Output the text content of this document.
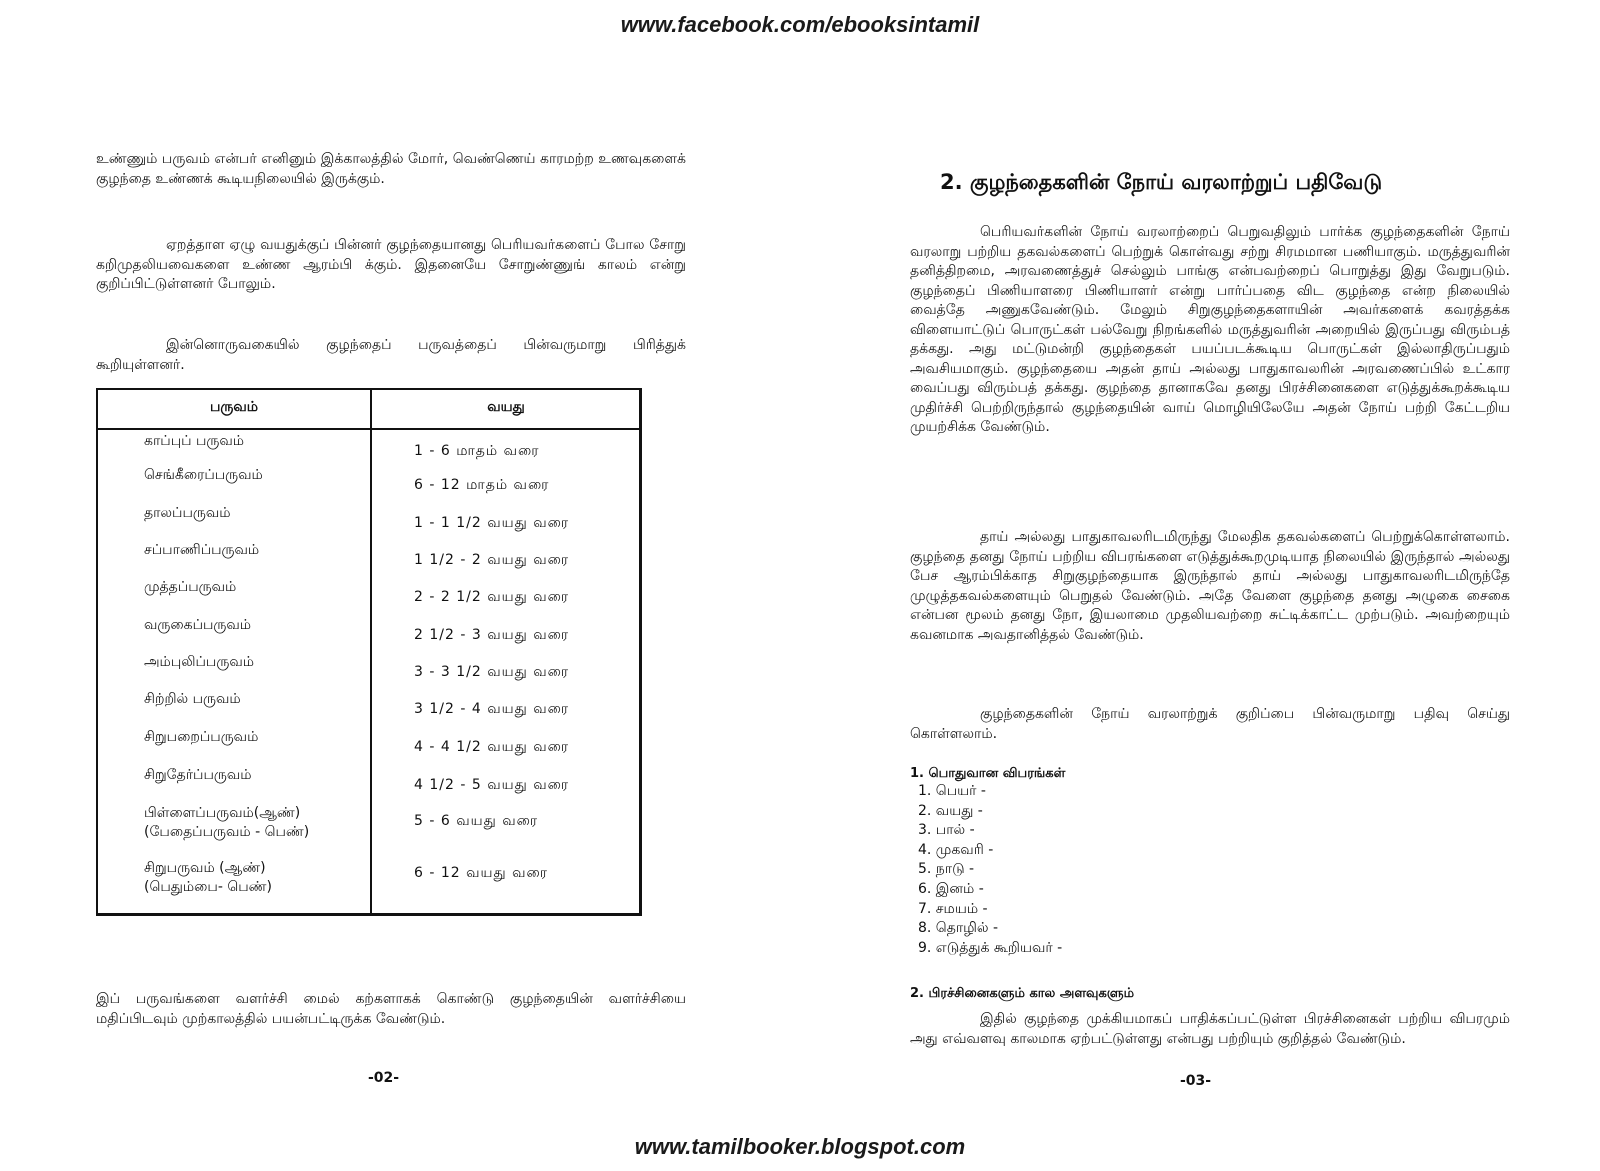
www.facebook.com/ebooksintamil

உண்ணும் பருவம் என்பர் எனினும் இக்காலத்தில் மோர், வெண்ணெய் காரமற்ற உணவுகளைக் குழந்தை உண்ணக் கூடியநிலையில் இருக்கும்.

ஏறத்தாள ஏழு வயதுக்குப் பின்னர் குழந்தையானது பெரியவர்களைப் போல சோறு கறிமுதலியவைகளை உண்ண ஆரம்பி க்கும். இதனையே சோறுண்ணுங் காலம் என்று குறிப்பிட்டுள்ளனர் போலும்.

இன்னொருவகையில் குழந்தைப் பருவத்தைப் பின்வருமாறு பிரித்துக் கூறியுள்ளனர்.

பருவம்	வயது
காப்புப் பருவம்
1 - 6 மாதம் வரை
செங்கீரைப்பருவம்
6 - 12 மாதம் வரை
தாலப்பருவம்
1 - 1 1/2 வயது வரை
சப்பாணிப்பருவம்
1 1/2 - 2 வயது வரை
முத்தப்பருவம்
2 - 2 1/2 வயது வரை
வருகைப்பருவம்
2 1/2 - 3 வயது வரை
அம்புலிப்பருவம்
3 - 3 1/2 வயது வரை
சிற்றில் பருவம்
3 1/2 - 4 வயது வரை
சிறுபறைப்பருவம்
4 - 4 1/2 வயது வரை
சிறுதேர்ப்பருவம்
4 1/2 - 5 வயது வரை
பிள்ளைப்பருவம்(ஆண்)
(பேதைப்பருவம் - பெண்)
5 - 6 வயது வரை
சிறுபருவம் (ஆண்)
(பெதும்பை- பெண்)
6 - 12 வயது வரை

இப் பருவங்களை வளர்ச்சி மைல் கற்களாகக் கொண்டு குழந்தையின் வளர்ச்சியை மதிப்பிடவும் முற்காலத்தில் பயன்பட்டிருக்க வேண்டும்.

-02-
2. குழந்தைகளின் நோய் வரலாற்றுப் பதிவேடு

பெரியவர்களின் நோய் வரலாற்றைப் பெறுவதிலும் பார்க்க குழந்தைகளின் நோய் வரலாறு பற்றிய தகவல்களைப் பெற்றுக் கொள்வது சற்று சிரமமான பணியாகும். மருத்துவரின் தனித்திறமை, அரவணைத்துச் செல்லும் பாங்கு என்பவற்றைப் பொறுத்து இது வேறுபடும். குழந்தைப் பிணியாளரை பிணியாளர் என்று பார்ப்பதை விட குழந்தை என்ற நிலையில் வைத்தே அணுகவேண்டும். மேலும் சிறுகுழந்தைகளாயின் அவர்களைக் கவரத்தக்க விளையாட்டுப் பொருட்கள் பல்வேறு நிறங்களில் மருத்துவரின் அறையில் இருப்பது விரும்பத் தக்கது. அது மட்டுமன்றி குழந்தைகள் பயப்படக்கூடிய பொருட்கள் இல்லாதிருப்பதும் அவசியமாகும். குழந்தையை அதன் தாய் அல்லது பாதுகாவலரின் அரவணைப்பில் உட்கார வைப்பது விரும்பத் தக்கது. குழந்தை தானாகவே தனது பிரச்சினைகளை எடுத்துக்கூறக்கூடிய முதிர்ச்சி பெற்றிருந்தால் குழந்தையின் வாய் மொழியிலேயே அதன் நோய் பற்றி கேட்டறிய முயற்சிக்க வேண்டும்.

தாய் அல்லது பாதுகாவலரிடமிருந்து மேலதிக தகவல்களைப் பெற்றுக்கொள்ளலாம். குழந்தை தனது நோய் பற்றிய விபரங்களை எடுத்துக்கூறமுடியாத நிலையில் இருந்தால் அல்லது பேச ஆரம்பிக்காத சிறுகுழந்தையாக இருந்தால் தாய் அல்லது பாதுகாவலரிடமிருந்தே முழுத்தகவல்களையும் பெறுதல் வேண்டும். அதே வேளை குழந்தை தனது அழுகை சைகை என்பன மூலம் தனது நோ, இயலாமை முதலியவற்றை சுட்டிக்காட்ட முற்படும். அவற்றையும் கவனமாக அவதானித்தல் வேண்டும்.

குழந்தைகளின் நோய் வரலாற்றுக் குறிப்பை பின்வருமாறு பதிவு செய்து கொள்ளலாம்.

1. பொதுவான விபரங்கள்

1. பெயர் -
2. வயது -
3. பால் -
4. முகவரி -
5. நாடு -
6. இனம் -
7. சமயம் -
8. தொழில் -
9. எடுத்துக் கூறியவர் -

2. பிரச்சினைகளும் கால அளவுகளும்

இதில் குழந்தை முக்கியமாகப் பாதிக்கப்பட்டுள்ள பிரச்சினைகள் பற்றிய விபரமும் அது எவ்வளவு காலமாக ஏற்பட்டுள்ளது என்பது பற்றியும் குறித்தல் வேண்டும்.

-03-
www.tamilbooker.blogspot.com
